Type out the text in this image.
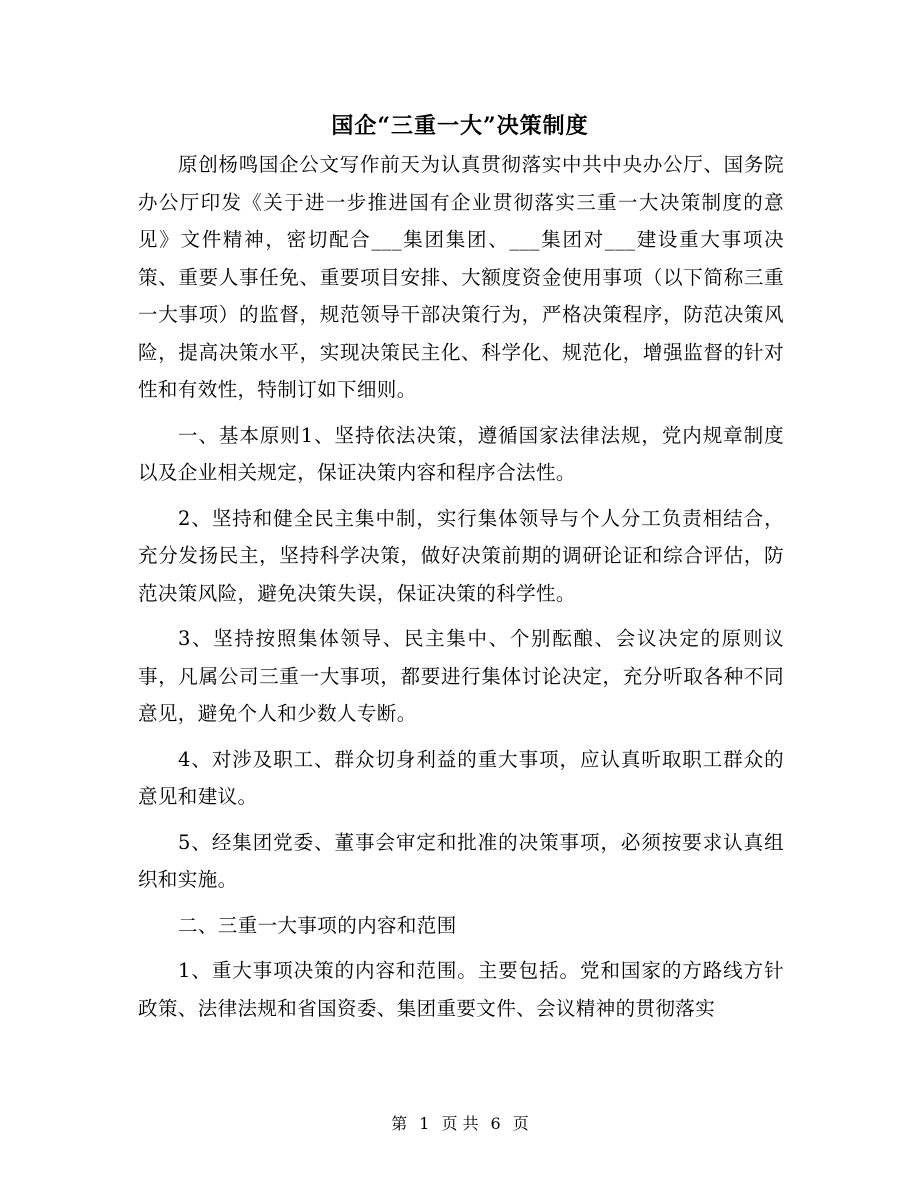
国企“三重一大”决策制度

原创杨鸣国企公文写作前天为认真贯彻落实中共中央办公厅、国务院办公厅印发《关于进一步推进国有企业贯彻落实三重一大决策制度的意见》文件精神，密切配合___集团集团、___集团对___建设重大事项决策、重要人事任免、重要项目安排、大额度资金使用事项（以下简称三重一大事项）的监督，规范领导干部决策行为，严格决策程序，防范决策风险，提高决策水平，实现决策民主化、科学化、规范化，增强监督的针对性和有效性，特制订如下细则。

一、基本原则1、坚持依法决策，遵循国家法律法规，党内规章制度以及企业相关规定，保证决策内容和程序合法性。

2、坚持和健全民主集中制，实行集体领导与个人分工负责相结合，充分发扬民主，坚持科学决策，做好决策前期的调研论证和综合评估，防范决策风险，避免决策失误，保证决策的科学性。

3、坚持按照集体领导、民主集中、个别酝酿、会议决定的原则议事，凡属公司三重一大事项，都要进行集体讨论决定，充分听取各种不同意见，避免个人和少数人专断。

4、对涉及职工、群众切身利益的重大事项，应认真听取职工群众的意见和建议。

5、经集团党委、董事会审定和批准的决策事项，必须按要求认真组织和实施。

二、三重一大事项的内容和范围

1、重大事项决策的内容和范围。主要包括。党和国家的方路线方针政策、法律法规和省国资委、集团重要文件、会议精神的贯彻落实

第 1 页 共 6 页
